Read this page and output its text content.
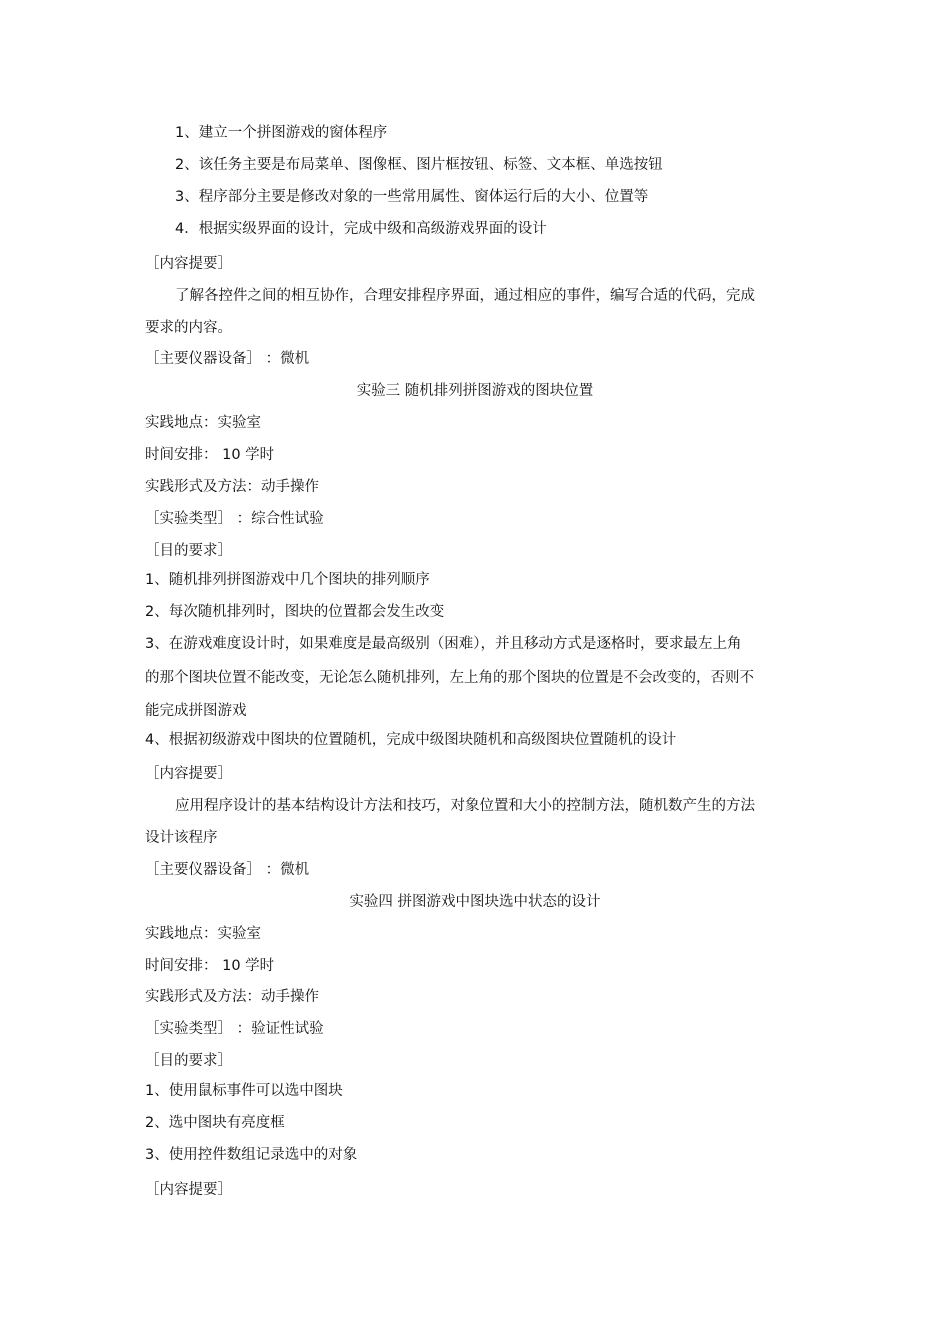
1、建立一个拼图游戏的窗体程序
2、该任务主要是布局菜单、图像框、图片框按钮、标签、文本框、单选按钮
3、程序部分主要是修改对象的一些常用属性、窗体运行后的大小、位置等
4．根据实级界面的设计，完成中级和高级游戏界面的设计
［内容提要］
了解各控件之间的相互协作，合理安排程序界面，通过相应的事件，编写合适的代码，完成
要求的内容。
［主要仪器设备］ ：微机
实验三 随机排列拼图游戏的图块位置
实践地点：实验室
时间安排： 10 学时
实践形式及方法：动手操作
［实验类型］ ：综合性试验
［目的要求］
1、随机排列拼图游戏中几个图块的排列顺序
2、每次随机排列时，图块的位置都会发生改变
3、在游戏难度设计时，如果难度是最高级别（困难），并且移动方式是逐格时，要求最左上角
的那个图块位置不能改变，无论怎么随机排列，左上角的那个图块的位置是不会改变的，否则不
能完成拼图游戏
4、根据初级游戏中图块的位置随机，完成中级图块随机和高级图块位置随机的设计
［内容提要］
应用程序设计的基本结构设计方法和技巧，对象位置和大小的控制方法，随机数产生的方法
设计该程序
［主要仪器设备］ ：微机
实验四 拼图游戏中图块选中状态的设计
实践地点：实验室
时间安排： 10 学时
实践形式及方法：动手操作
［实验类型］ ：验证性试验
［目的要求］
1、使用鼠标事件可以选中图块
2、选中图块有亮度框
3、使用控件数组记录选中的对象
［内容提要］
